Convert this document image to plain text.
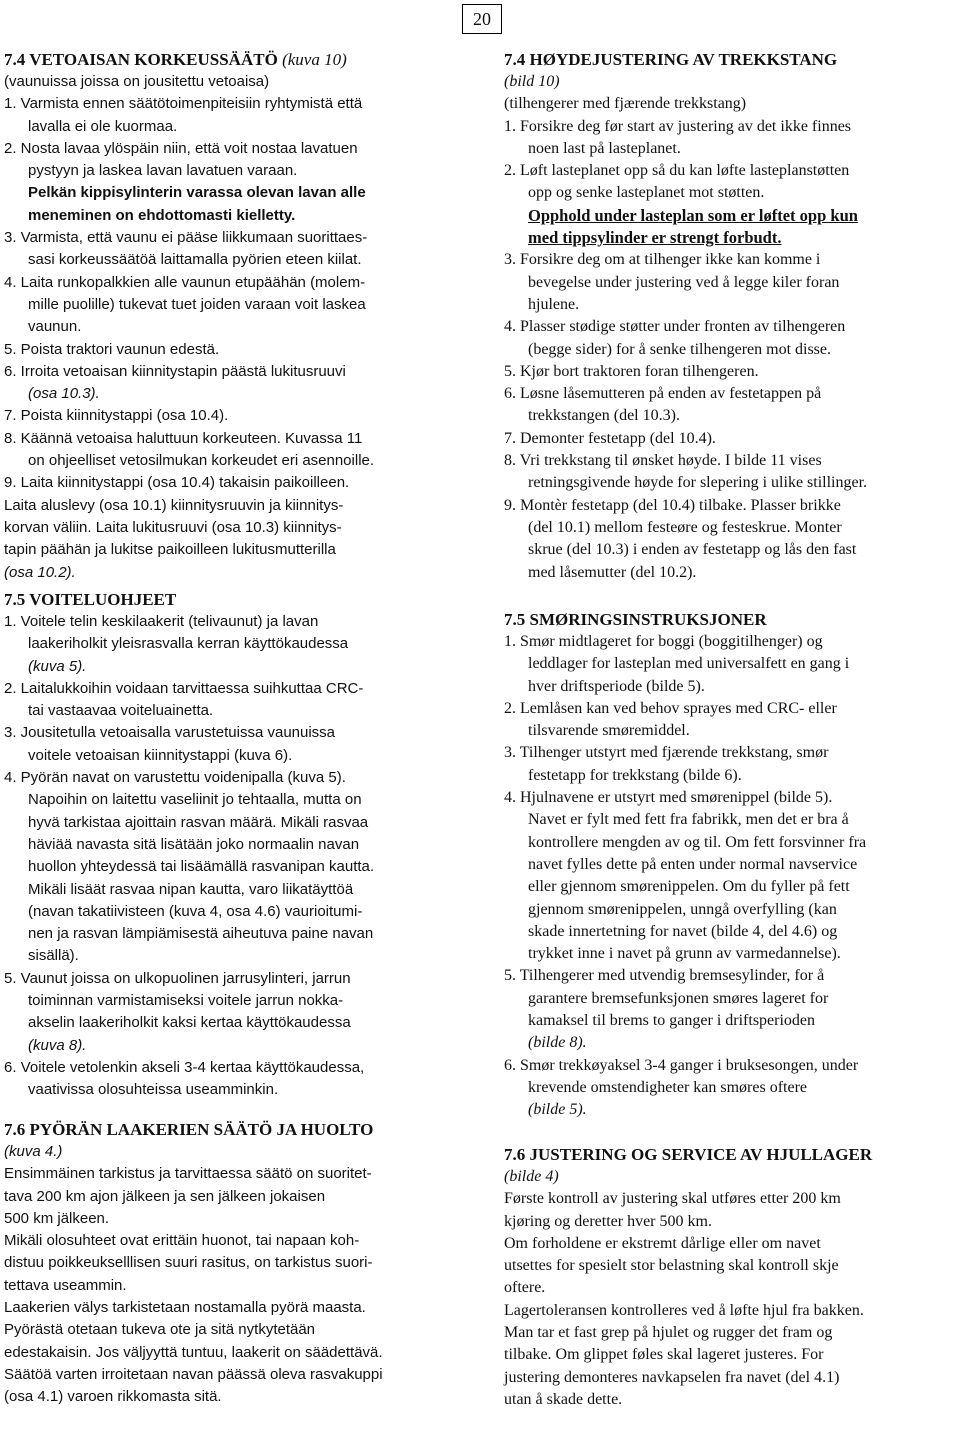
20
7.4 VETOAISAN KORKEUSSÄÄTÖ (kuva 10)
(vaunuissa joissa on jousitettu vetoaisa)
1. Varmista ennen säätötoimenpiteisiin ryhtymistä että
lavalla ei ole kuormaa.
2. Nosta lavaa ylöspäin niin, että voit nostaa lavatuen
pystyyn ja laskea lavan lavatuen varaan.
Pelkän kippisylinterin varassa olevan lavan alle
meneminen on ehdottomasti kielletty.
3. Varmista, että vaunu ei pääse liikkumaan suorittaes-
sasi korkeussäätöä laittamalla pyörien eteen kiilat.
4. Laita runkopalkkien alle vaunun etupäähän (molem-
mille puolille) tukevat tuet joiden varaan voit laskea
vaunun.
5. Poista traktori vaunun edestä.
6. Irroita vetoaisan kiinnitystapin päästä lukitusruuvi
(osa 10.3).
7. Poista kiinnitystappi (osa 10.4).
8. Käännä vetoaisa haluttuun korkeuteen. Kuvassa 11
on ohjeelliset vetosilmukan korkeudet eri asennoille.
9. Laita kiinnitystappi (osa 10.4) takaisin paikoilleen.
Laita aluslevy (osa 10.1) kiinnitysruuvin ja kiinnitys-
korvan väliin. Laita lukitusruuvi (osa 10.3) kiinnitys-
tapin päähän ja lukitse paikoilleen lukitusmutterilla
(osa 10.2).
7.5 VOITELUOHJEET
1. Voitele telin keskilaakerit (telivaunut) ja lavan
laakeriholkit yleisrasvalla kerran käyttökaudessa
(kuva 5).
2. Laitalukkoihin voidaan tarvittaessa suihkuttaa CRC-
tai vastaavaa voiteluainetta.
3. Jousitetulla vetoaisalla varustetuissa vaunuissa
voitele vetoaisan kiinnitystappi (kuva 6).
4. Pyörän navat on varustettu voidenipalla (kuva 5).
Napoihin on laitettu vaseliinit jo tehtaalla, mutta on
hyvä tarkistaa ajoittain rasvan määrä. Mikäli rasvaa
häviää navasta sitä lisätään joko normaalin navan
huollon yhteydessä tai lisäämällä rasvanipan kautta.
Mikäli lisäät rasvaa nipan kautta, varo liikatäyttöä
(navan takatiivisteen (kuva 4, osa 4.6) vaurioitumi-
nen ja rasvan lämpiämisestä aiheutuva paine navan
sisällä).
5. Vaunut joissa on ulkopuolinen jarrusylinteri, jarrun
toiminnan varmistamiseksi voitele jarrun nokka-
akselin laakeriholkit kaksi kertaa käyttökaudessa
(kuva 8).
6. Voitele vetolenkin akseli 3-4 kertaa käyttökaudessa,
vaativissa olosuhteissa useamminkin.
7.6 PYÖRÄN LAAKERIEN SÄÄTÖ JA HUOLTO
(kuva 4.)
Ensimmäinen tarkistus ja tarvittaessa säätö on suoritet-
tava 200 km ajon jälkeen ja sen jälkeen jokaisen
500 km jälkeen.
Mikäli olosuhteet ovat erittäin huonot, tai napaan koh-
distuu poikkeukselllisen suuri rasitus, on tarkistus suori-
tettava useammin.
Laakerien välys tarkistetaan nostamalla pyörä maasta.
Pyörästä otetaan tukeva ote ja sitä nytkytetään
edestakaisin. Jos väljyyttä tuntuu, laakerit on säädettävä.
Säätöä varten irroitetaan navan päässä oleva rasvakuppi
(osa 4.1) varoen rikkomasta sitä.
7.4 HØYDEJUSTERING AV TREKKSTANG
(bild 10)
(tilhengerer med fjærende trekkstang)
1. Forsikre deg før start av justering av det ikke finnes
noen last på lasteplanet.
2. Løft lasteplanet opp så du kan løfte lasteplanstøtten
opp og senke lasteplanet mot støtten.
Opphold under lasteplan som er løftet opp kun
med tippsylinder er strengt forbudt.
3. Forsikre deg om at tilhenger ikke kan komme i
bevegelse under justering ved å legge kiler foran
hjulene.
4. Plasser stødige støtter under fronten av tilhengeren
(begge sider) for å senke tilhengeren mot disse.
5. Kjør bort traktoren foran tilhengeren.
6. Løsne låsemutteren på enden av festetappen på
trekkstangen (del 10.3).
7. Demonter festetapp (del 10.4).
8. Vri trekkstang til ønsket høyde. I bilde 11 vises
retningsgivende høyde for slepering i ulike stillinger.
9. Montèr festetapp (del 10.4) tilbake. Plasser brikke
(del 10.1) mellom festeøre og festeskrue. Monter
skrue (del 10.3) i enden av festetapp og lås den fast
med låsemutter (del 10.2).
7.5 SMØRINGSINSTRUKSJONER
1. Smør midtlageret for boggi (boggitilhenger) og
leddlager for lasteplan med universalfett en gang i
hver driftsperiode (bilde 5).
2. Lemlåsen kan ved behov sprayes med CRC- eller
tilsvarende smøremiddel.
3. Tilhenger utstyrt med fjærende trekkstang, smør
festetapp for trekkstang (bilde 6).
4. Hjulnavene er utstyrt med smørenippel (bilde 5).
Navet er fylt med fett fra fabrikk, men det er bra å
kontrollere mengden av og til. Om fett forsvinner fra
navet fylles dette på enten under normal navservice
eller gjennom smørenippelen. Om du fyller på fett
gjennom smørenippelen, unngå overfylling (kan
skade innertetning for navet (bilde 4, del 4.6) og
trykket inne i navet på grunn av varmedannelse).
5. Tilhengerer med utvendig bremsesylinder, for å
garantere bremsefunksjonen smøres lageret for
kamaksel til brems to ganger i driftsperioden
(bilde 8).
6. Smør trekkøyaksel 3-4 ganger i bruksesongen, under
krevende omstendigheter kan smøres oftere
(bilde 5).
7.6 JUSTERING OG SERVICE AV HJULLAGER
(bilde 4)
Første kontroll av justering skal utføres etter 200 km
kjøring og deretter hver 500 km.
Om forholdene er ekstremt dårlige eller om navet
utsettes for spesielt stor belastning skal kontroll skje
oftere.
Lagertoleransen kontrolleres ved å løfte hjul fra bakken.
Man tar et fast grep på hjulet og rugger det fram og
tilbake. Om glippet føles skal lageret justeres. For
justering demonteres navkapselen fra navet (del 4.1)
utan å skade dette.
